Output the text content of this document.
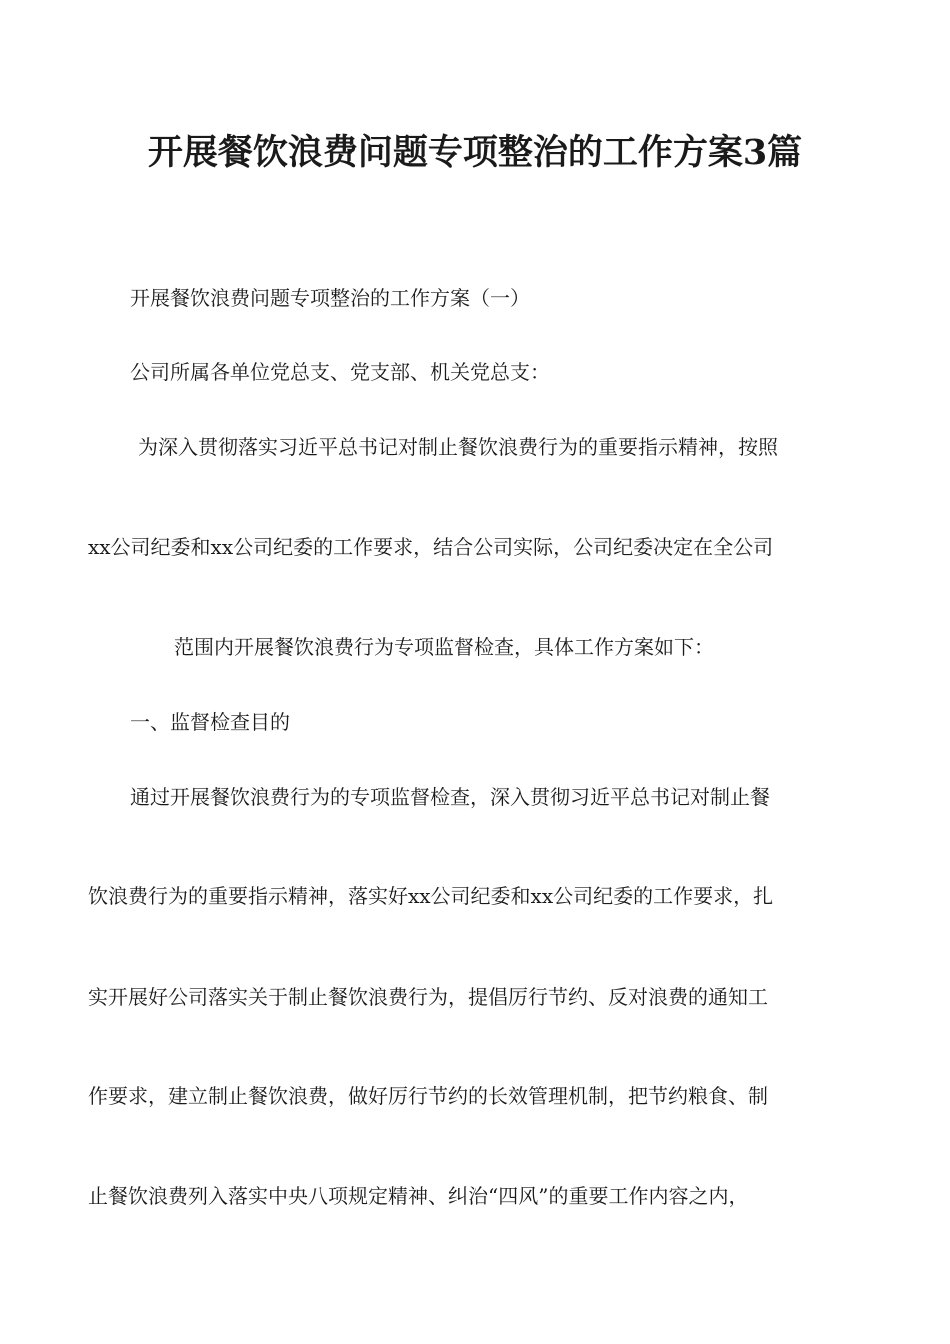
开展餐饮浪费问题专项整治的工作方案3篇

开展餐饮浪费问题专项整治的工作方案（一）

公司所属各单位党总支、党支部、机关党总支：

为深入贯彻落实习近平总书记对制止餐饮浪费行为的重要指示精神，按照

xx公司纪委和xx公司纪委的工作要求，结合公司实际，公司纪委决定在全公司

范围内开展餐饮浪费行为专项监督检查，具体工作方案如下：

一、监督检查目的

通过开展餐饮浪费行为的专项监督检查，深入贯彻习近平总书记对制止餐

饮浪费行为的重要指示精神，落实好xx公司纪委和xx公司纪委的工作要求，扎

实开展好公司落实关于制止餐饮浪费行为，提倡厉行节约、反对浪费的通知工

作要求，建立制止餐饮浪费，做好厉行节约的长效管理机制，把节约粮食、制

止餐饮浪费列入落实中央八项规定精神、纠治“四风”的重要工作内容之内，
